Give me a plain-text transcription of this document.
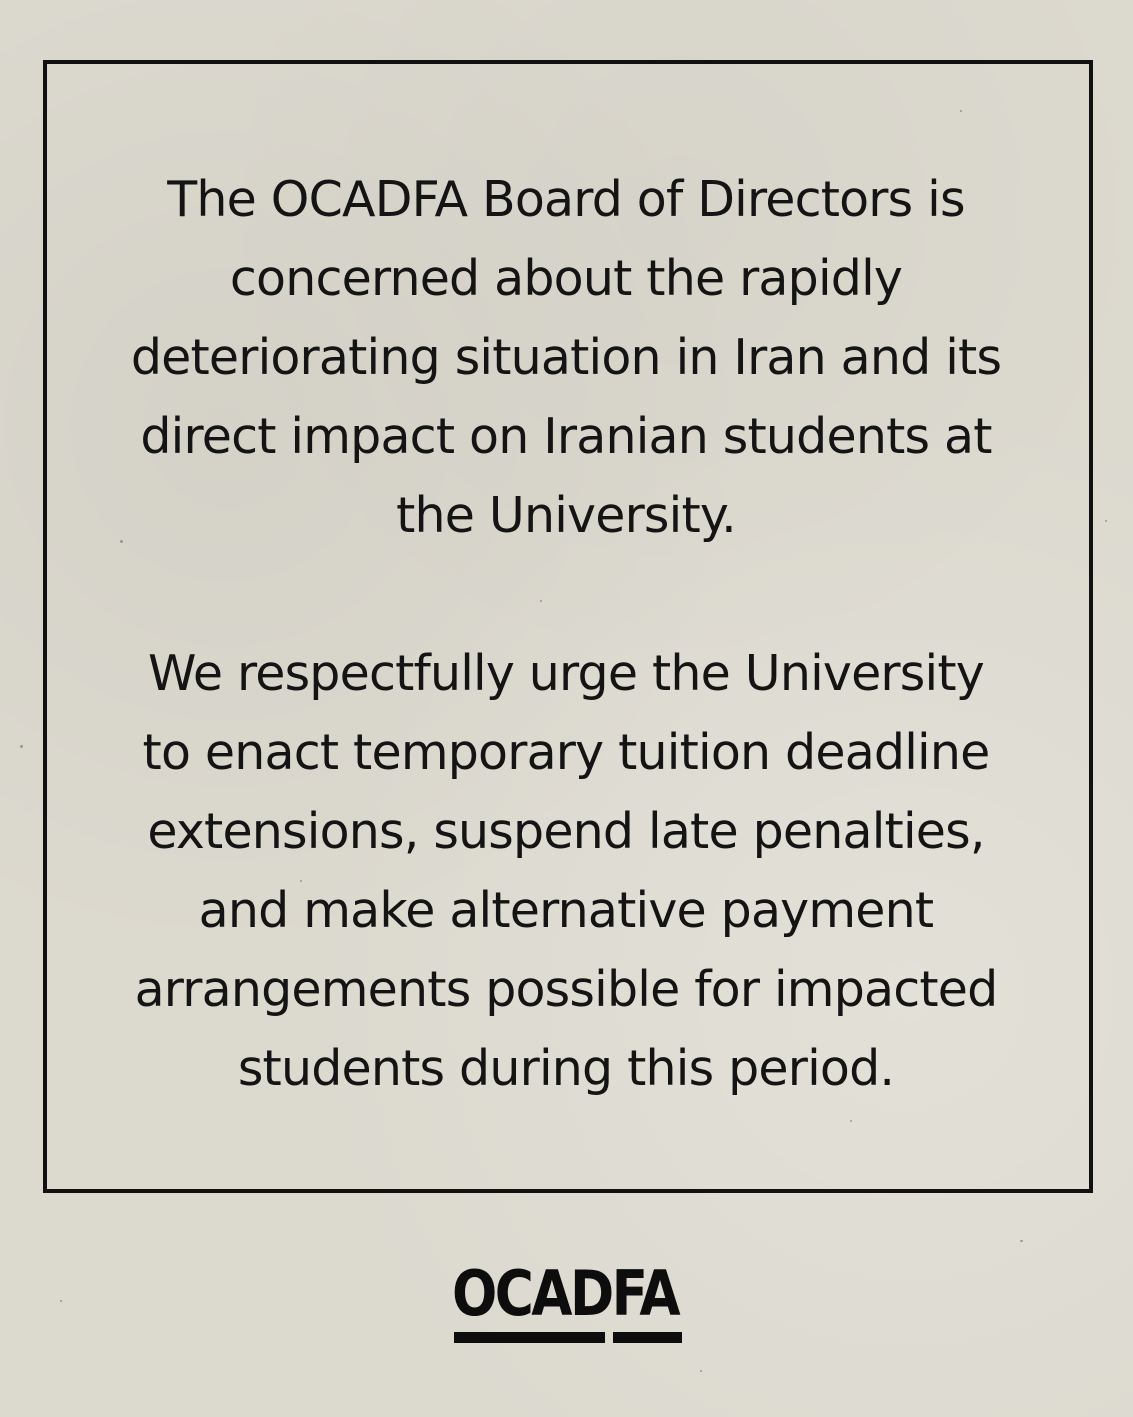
The OCADFA Board of Directors is
concerned about the rapidly
deteriorating situation in Iran and its
direct impact on Iranian students at
the University.

We respectfully urge the University
to enact temporary tuition deadline
extensions, suspend late penalties,
and make alternative payment
arrangements possible for impacted
students during this period.

OCADFA
